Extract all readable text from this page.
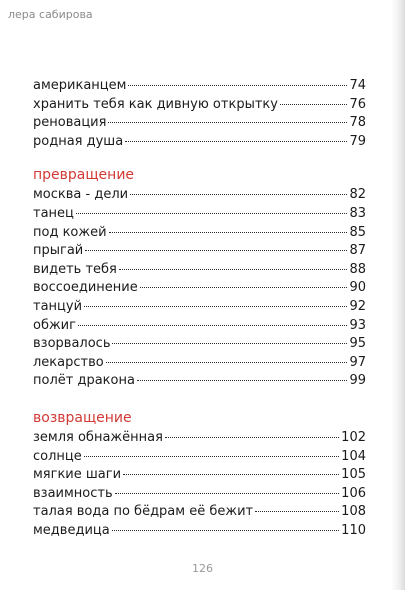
лера сабирова
американцем	74
хранить тебя как дивную открытку	76
реновация	78
родная душа	79
превращение
москва - дели	82
танец	83
под кожей	85
прыгай	87
видеть тебя	88
воссоединение	90
танцуй	92
обжиг	93
взорвалось	95
лекарство	97
полёт дракона	99
возвращение
земля обнажённая	102
солнце	104
мягкие шаги	105
взаимность	106
талая вода по бёдрам её бежит	108
медведица	110
126
